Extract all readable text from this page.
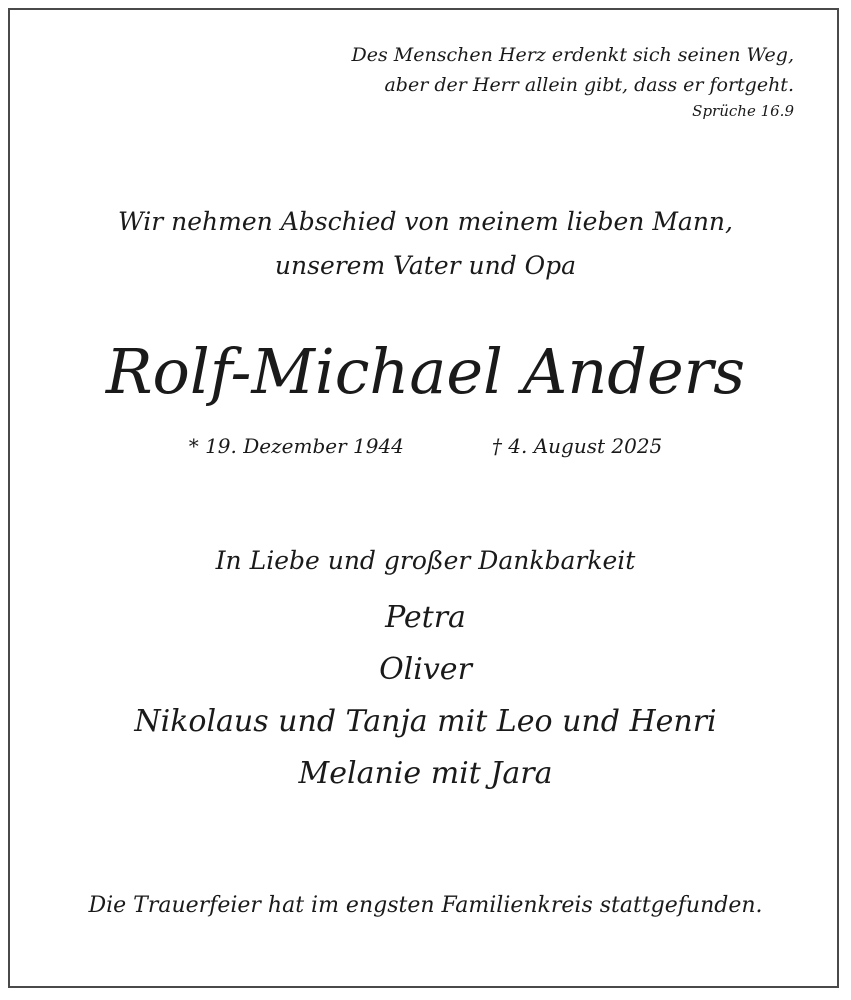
Des Menschen Herz erdenkt sich seinen Weg,
aber der Herr allein gibt, dass er fortgeht.
Sprüche 16.9
Wir nehmen Abschied von meinem lieben Mann,
unserem Vater und Opa
Rolf-Michael Anders
* 19. Dezember 1944	† 4. August 2025
In Liebe und großer Dankbarkeit
Petra
Oliver
Nikolaus und Tanja mit Leo und Henri
Melanie mit Jara
Die Trauerfeier hat im engsten Familienkreis stattgefunden.
